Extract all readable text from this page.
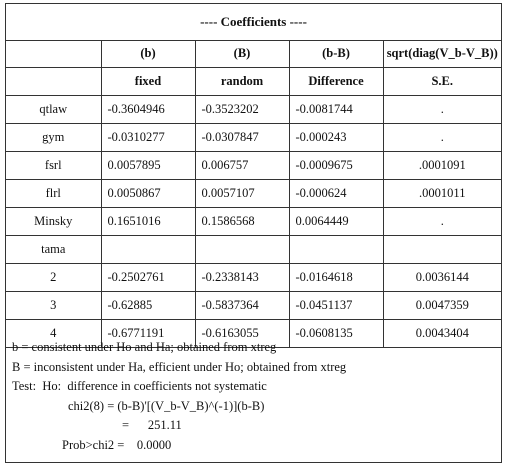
---- Coefficients ----
	(b)	(B)	(b-B)	sqrt(diag(V_b-V_B))
	fixed	random	Difference	S.E.
qtlaw	-0.3604946	-0.3523202	-0.0081744	.
gym	-0.0310277	-0.0307847	-0.000243	.
fsrl	0.0057895	0.006757	-0.0009675	.0001091
flrl	0.0050867	0.0057107	-0.000624	.0001011
Minsky	0.1651016	0.1586568	0.0064449	.
tama				
2	-0.2502761	-0.2338143	-0.0164618	0.0036144
3	-0.62885	-0.5837364	-0.0451137	0.0047359
4	-0.6771191	-0.6163055	-0.0608135	0.0043404
b = consistent under Ho and Ha; obtained from xtreg
B = inconsistent under Ha, efficient under Ho; obtained from xtreg
Test:  Ho:  difference in coefficients not systematic
chi2(8) = (b-B)'[(V_b-V_B)^(-1)](b-B)
= 251.11
Prob>chi2 = 0.0000
